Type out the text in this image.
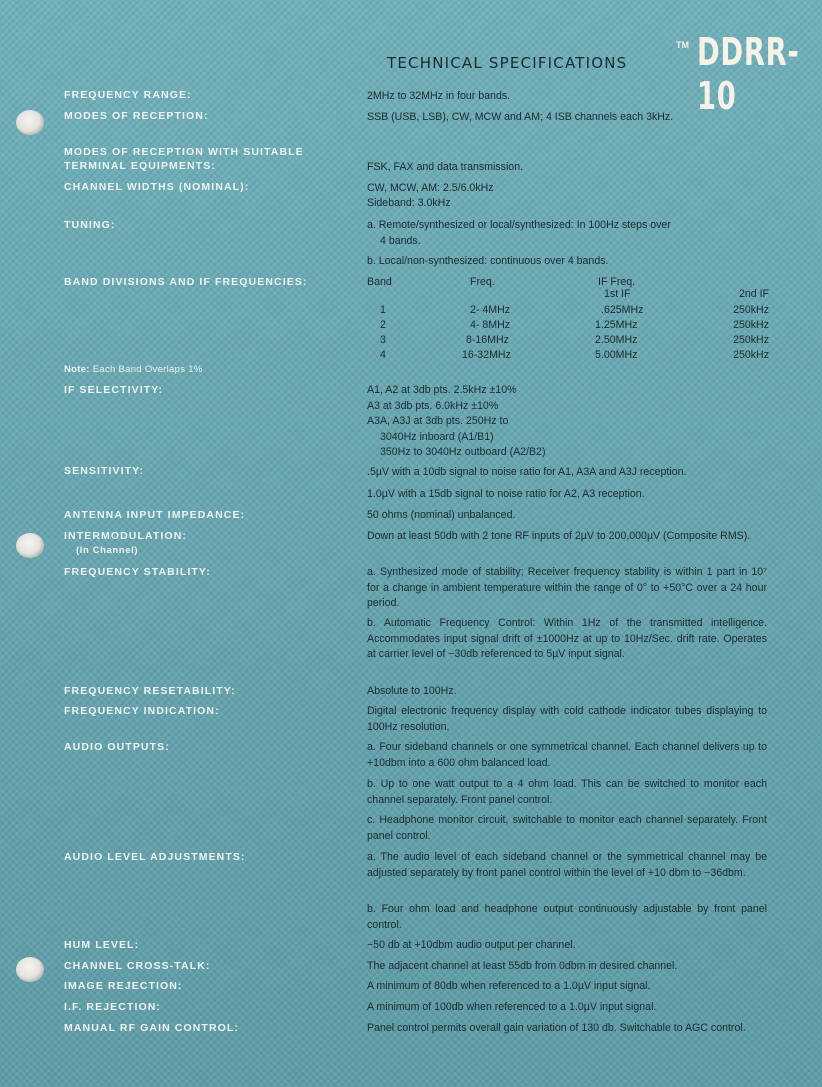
TECHNICAL SPECIFICATIONS
TM DDRR-10
FREQUENCY RANGE:	2MHz to 32MHz in four bands.
MODES OF RECEPTION:	SSB (USB, LSB), CW, MCW and AM; 4 ISB channels each 3kHz.
MODES OF RECEPTION WITH SUITABLE
TERMINAL EQUIPMENTS:	FSK, FAX and data transmission.
CHANNEL WIDTHS (NOMINAL):	CW, MCW, AM: 2.5/6.0kHz
Sideband: 3.0kHz
TUNING:	a. Remote/synthesized or local/synthesized: In 100Hz steps over
4 bands.
b. Local/non-synthesized: continuous over 4 bands.
BAND DIVISIONS AND IF FREQUENCIES:	Band	Freq.	IF Freq.
1st IF	2nd IF
1	2- 4MHz	.625MHz	250kHz
2	4- 8MHz	1.25MHz	250kHz
3	8-16MHz	2.50MHz	250kHz
4	16-32MHz	5.00MHz	250kHz
Note: Each Band Overlaps 1%
IF SELECTIVITY:	A1, A2 at 3db pts. 2.5kHz ±10%
A3 at 3db pts. 6.0kHz ±10%
A3A, A3J at 3db pts. 250Hz to
3040Hz inboard (A1/B1)
350Hz to 3040Hz outboard (A2/B2)
SENSITIVITY:	.5µV with a 10db signal to noise ratio for A1, A3A and A3J reception.
1.0µV with a 15db signal to noise ratio for A2, A3 reception.
ANTENNA INPUT IMPEDANCE:	50 ohms (nominal) unbalanced.
INTERMODULATION:
(In Channel)
Down at least 50db with 2 tone RF inputs of 2µV to 200,000µV (Composite RMS).
FREQUENCY STABILITY:	a. Synthesized mode of stability; Receiver frequency stability is within 1 part in 10⁷ for a change in ambient temperature within the range of 0° to +50°C over a 24 hour period.
b. Automatic Frequency Control: Within 1Hz of the transmitted intelligence. Accommodates input signal drift of ±1000Hz at up to 10Hz/Sec. drift rate. Operates at carrier level of −30db referenced to 5µV input signal.
FREQUENCY RESETABILITY:	Absolute to 100Hz.
FREQUENCY INDICATION:	Digital electronic frequency display with cold cathode indicator tubes displaying to 100Hz resolution.
AUDIO OUTPUTS:	a. Four sideband channels or one symmetrical channel. Each channel delivers up to +10dbm into a 600 ohm balanced load.
b. Up to one watt output to a 4 ohm load. This can be switched to monitor each channel separately. Front panel control.
c. Headphone monitor circuit, switchable to monitor each channel separately. Front panel control.
AUDIO LEVEL ADJUSTMENTS:	a. The audio level of each sideband channel or the symmetrical channel may be adjusted separately by front panel control within the level of +10 dbm to −36dbm.
b. Four ohm load and headphone output continuously adjustable by front panel control.
HUM LEVEL:	−50 db at +10dbm audio output per channel.
CHANNEL CROSS-TALK:	The adjacent channel at least 55db from 0dbm in desired channel.
IMAGE REJECTION:	A minimum of 80db when referenced to a 1.0µV input signal.
I.F. REJECTION:	A minimum of 100db when referenced to a 1.0µV input signal.
MANUAL RF GAIN CONTROL:	Panel control permits overall gain variation of 130 db. Switchable to AGC control.
